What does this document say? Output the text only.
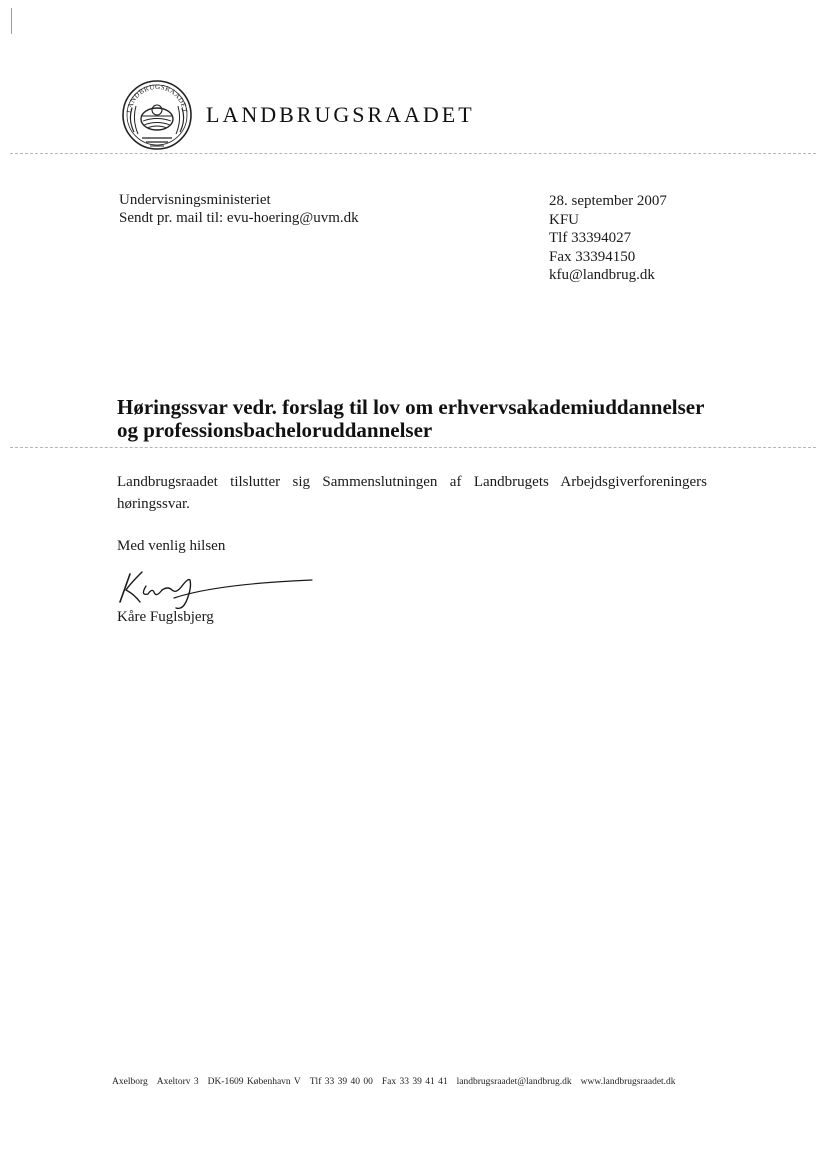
LANDBRUGSRAADET LANDBRUGSRAADET
Undervisningsministeriet
Sendt pr. mail til: evu-hoering@uvm.dk
28. september 2007
KFU
Tlf 33394027
Fax 33394150
kfu@landbrug.dk
Høringssvar vedr. forslag til lov om erhvervsakademiuddannelser
og professionsbacheloruddannelser
Landbrugsraadet tilslutter sig Sammenslutningen af Landbrugets Arbejdsgiverforeningers høringssvar.
Med venlig hilsen
Kåre Fuglsbjerg
Axelborg Axeltorv 3 DK-1609 København V Tlf 33 39 40 00 Fax 33 39 41 41 landbrugsraadet@landbrug.dk www.landbrugsraadet.dk
